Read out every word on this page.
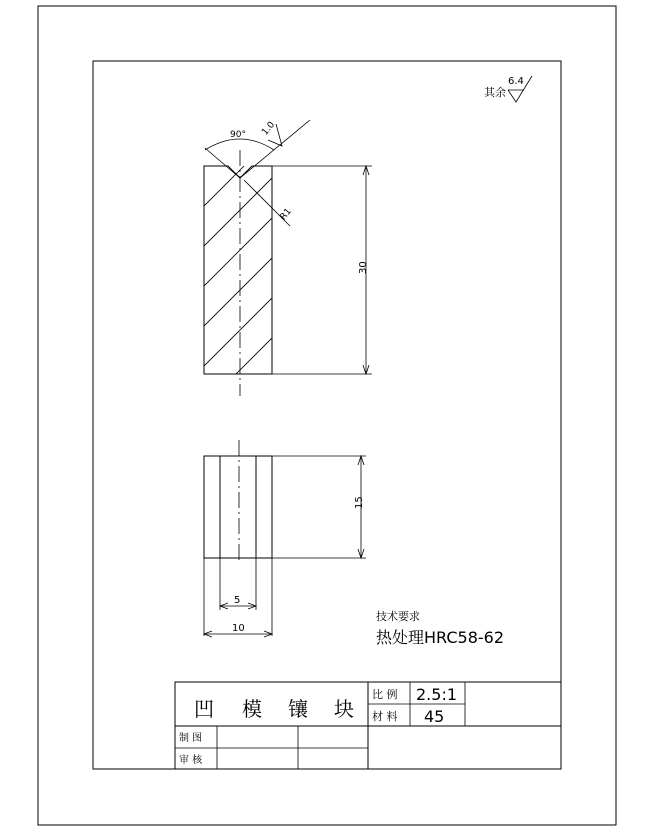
其余
6.4
90° 1.0
R1
30
5
10
15
技术要求
热处理HRC58-62
凹 模 镶 块
比 例 2.5:1
材 料 45
制 图
审 核
